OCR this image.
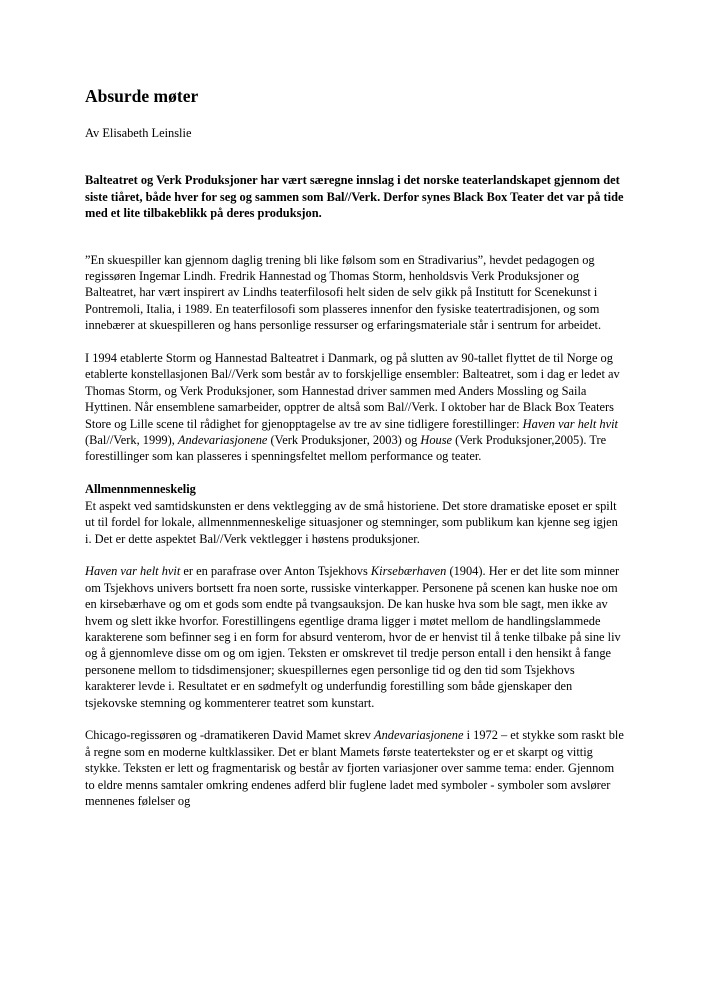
Absurde møter

Av Elisabeth Leinslie

Balteatret og Verk Produksjoner har vært særegne innslag i det norske teaterlandskapet gjennom det siste tiåret, både hver for seg og sammen som Bal//Verk. Derfor synes Black Box Teater det var på tide med et lite tilbakeblikk på deres produksjon.

”En skuespiller kan gjennom daglig trening bli like følsom som en Stradivarius”, hevdet pedagogen og regissøren Ingemar Lindh. Fredrik Hannestad og Thomas Storm, henholdsvis Verk Produksjoner og Balteatret, har vært inspirert av Lindhs teaterfilosofi helt siden de selv gikk på Institutt for Scenekunst i Pontremoli, Italia, i 1989. En teaterfilosofi som plasseres innenfor den fysiske teatertradisjonen, og som innebærer at skuespilleren og hans personlige ressurser og erfaringsmateriale står i sentrum for arbeidet.

I 1994 etablerte Storm og Hannestad Balteatret i Danmark, og på slutten av 90-tallet flyttet de til Norge og etablerte konstellasjonen Bal//Verk som består av to forskjellige ensembler: Balteatret, som i dag er ledet av Thomas Storm, og Verk Produksjoner, som Hannestad driver sammen med Anders Mossling og Saila Hyttinen. Når ensemblene samarbeider, opptrer de altså som Bal//Verk. I oktober har de Black Box Teaters Store og Lille scene til rådighet for gjenopptagelse av tre av sine tidligere forestillinger: Haven var helt hvit (Bal//Verk, 1999), Andevariasjonene (Verk Produksjoner, 2003) og House (Verk Produksjoner,2005). Tre forestillinger som kan plasseres i spenningsfeltet mellom performance og teater.

Allmennmenneskelig

Et aspekt ved samtidskunsten er dens vektlegging av de små historiene. Det store dramatiske eposet er spilt ut til fordel for lokale, allmennmenneskelige situasjoner og stemninger, som publikum kan kjenne seg igjen i. Det er dette aspektet Bal//Verk vektlegger i høstens produksjoner.

Haven var helt hvit er en parafrase over Anton Tsjekhovs Kirsebærhaven (1904). Her er det lite som minner om Tsjekhovs univers bortsett fra noen sorte, russiske vinterkapper. Personene på scenen kan huske noe om en kirsebærhave og om et gods som endte på tvangsauksjon. De kan huske hva som ble sagt, men ikke av hvem og slett ikke hvorfor. Forestillingens egentlige drama ligger i møtet mellom de handlingslammede karakterene som befinner seg i en form for absurd venterom, hvor de er henvist til å tenke tilbake på sine liv og å gjennomleve disse om og om igjen. Teksten er omskrevet til tredje person entall i den hensikt å fange personene mellom to tidsdimensjoner; skuespillernes egen personlige tid og den tid som Tsjekhovs karakterer levde i. Resultatet er en sødmefylt og underfundig forestilling som både gjenskaper den tsjekovske stemning og kommenterer teatret som kunstart.

Chicago-regissøren og -dramatikeren David Mamet skrev Andevariasjonene i 1972 – et stykke som raskt ble å regne som en moderne kultklassiker. Det er blant Mamets første teatertekster og er et skarpt og vittig stykke. Teksten er lett og fragmentarisk og består av fjorten variasjoner over samme tema: ender. Gjennom to eldre menns samtaler omkring endenes adferd blir fuglene ladet med symboler - symboler som avslører mennenes følelser og
